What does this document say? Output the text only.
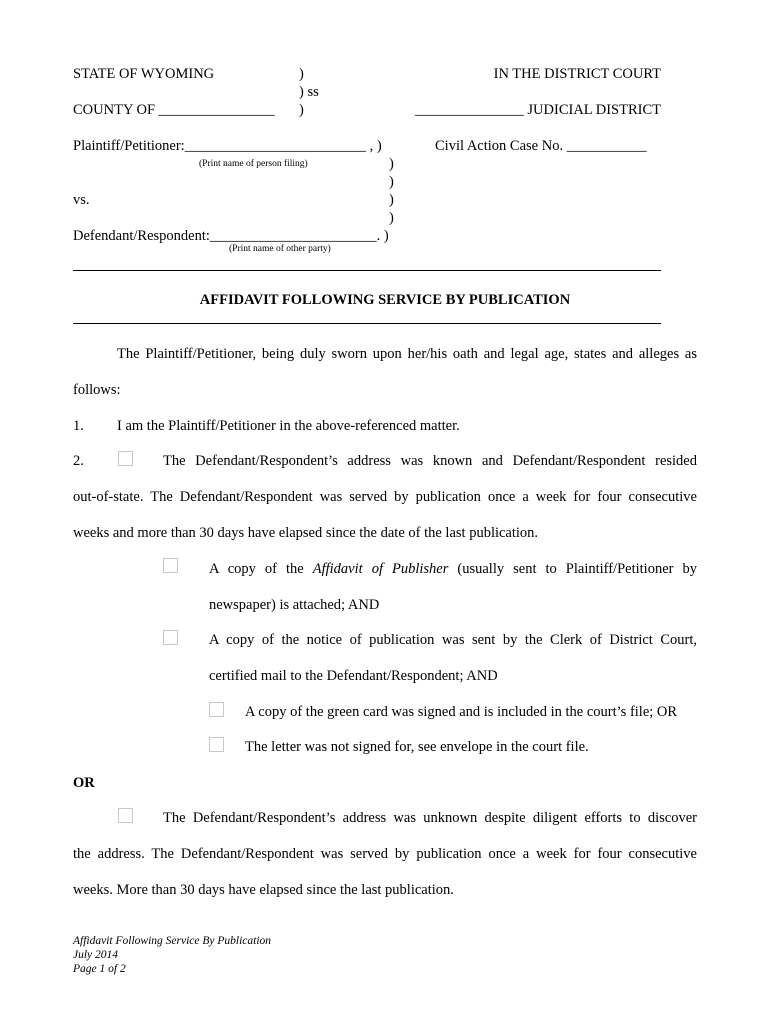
STATE OF WYOMING	)
) ss
COUNTY OF ________________ )
IN THE DISTRICT COURT
_______________ JUDICIAL DISTRICT
Plaintiff/Petitioner:_________________________ , )
(Print name of person filing)
Civil Action Case No. ___________
)
)
vs.	)
)
Defendant/Respondent:_______________________. )
(Print name of other party)
AFFIDAVIT FOLLOWING SERVICE BY PUBLICATION
The Plaintiff/Petitioner, being duly sworn upon her/his oath and legal age, states and alleges as
follows:
1. I am the Plaintiff/Petitioner in the above-referenced matter.
2.	The Defendant/Respondent’s address was known and Defendant/Respondent resided
out-of-state. The Defendant/Respondent was served by publication once a week for four consecutive
weeks and more than 30 days have elapsed since the date of the last publication.
A copy of the Affidavit of Publisher (usually sent to Plaintiff/Petitioner by
newspaper) is attached; AND
A copy of the notice of publication was sent by the Clerk of District Court,
certified mail to the Defendant/Respondent; AND
A copy of the green card was signed and is included in the court’s file; OR
The letter was not signed for, see envelope in the court file.
OR
The Defendant/Respondent’s address was unknown despite diligent efforts to discover
the address. The Defendant/Respondent was served by publication once a week for four consecutive
weeks. More than 30 days have elapsed since the last publication.
Affidavit Following Service By Publication
July 2014
Page 1 of 2
